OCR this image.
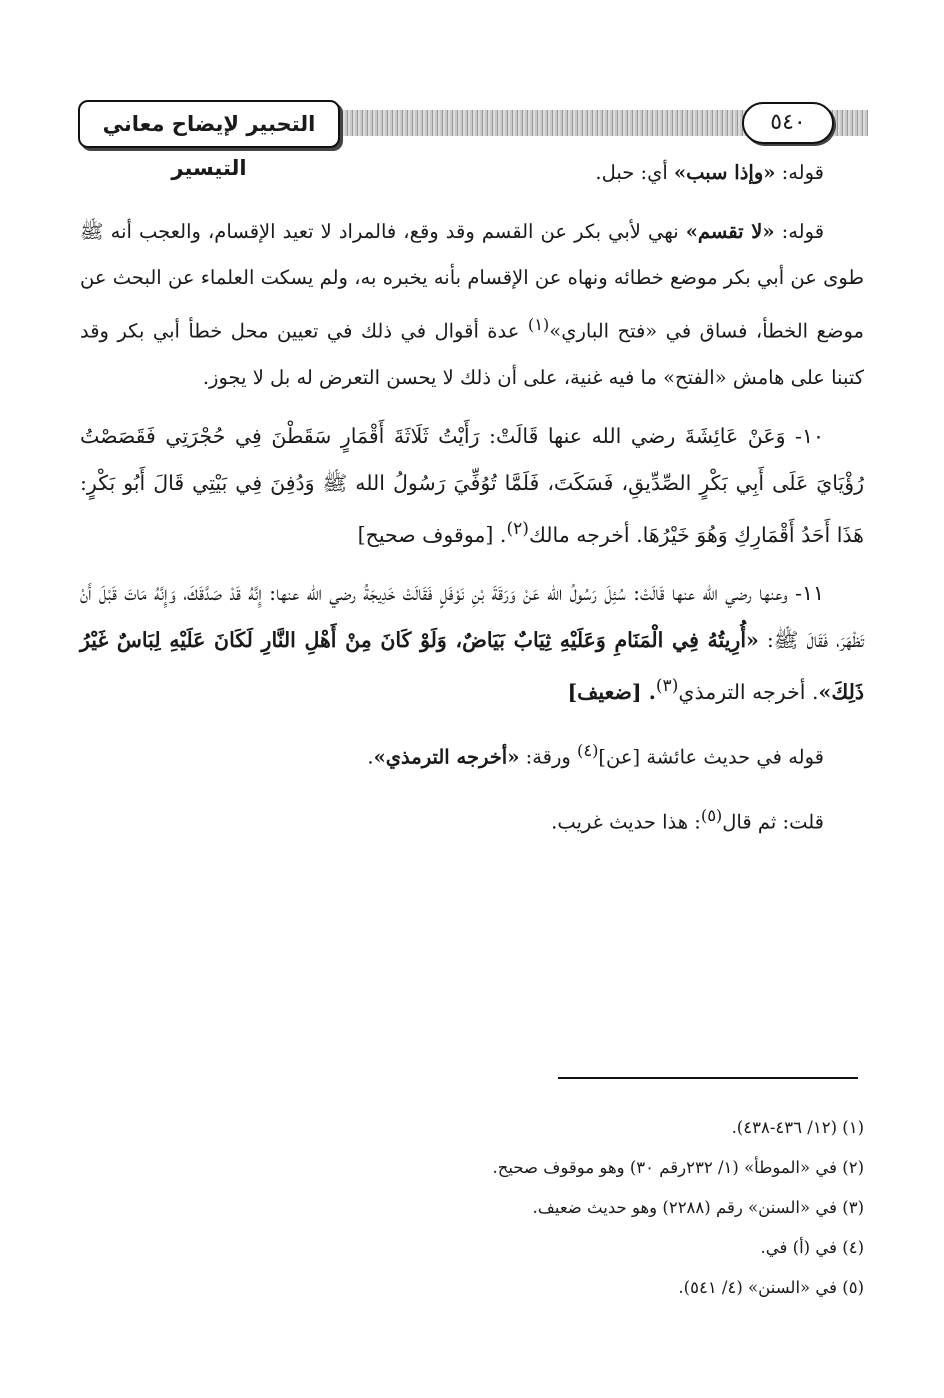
التحبير لإيضاح معاني التيسير
٥٤٠

قوله: «وإذا سبب» أي: حبل.

قوله: «لا تقسم» نهي لأبي بكر عن القسم وقد وقع، فالمراد لا تعيد الإقسام، والعجب أنه ﷺ طوى عن أبي بكر موضع خطائه ونهاه عن الإقسام بأنه يخبره به، ولم يسكت العلماء عن البحث عن موضع الخطأ، فساق في «فتح الباري»$^{(١)}$ عدة أقوال في ذلك في تعيين محل خطأ أبي بكر وقد كتبنا على هامش «الفتح» ما فيه غنية، على أن ذلك لا يحسن التعرض له بل لا يجوز.

١٠- وَعَنْ عَائِشَةَ رضي الله عنها قَالَتْ: رَأَيْتُ ثَلَاثَةَ أَقْمَارٍ سَقَطْنَ فِي حُجْرَتِي فَقَصَصْتُ رُؤْيَايَ عَلَى أَبِي بَكْرٍ الصِّدِّيقِ، فَسَكَتَ، فَلَمَّا تُوُفِّيَ رَسُولُ الله ﷺ وَدُفِنَ فِي بَيْتِي قَالَ أَبُو بَكْرٍ: هَذَا أَحَدُ أَقْمَارِكِ وَهُوَ خَيْرُهَا. أخرجه مالك$^{(٢)}$. [موقوف صحيح]

١١- وعنها رضي الله عنها قَالَتْ: سُئِلَ رَسُولُ الله عَنْ وَرَقَةَ بْنِ نَوْفَلٍ فَقَالَتْ خَدِيجَةُ رضي الله عنها: إِنَّهُ قَدْ صَدَّقَكَ، وَإِنَّهُ مَاتَ قَبْلَ أَنْ تَظْهَرَ، فَقَالَ ﷺ: «أُرِيتُهُ فِي الْمَنَامِ وَعَلَيْهِ ثِيَابٌ بَيَاضٌ، وَلَوْ كَانَ مِنْ أَهْلِ النَّارِ لَكَانَ عَلَيْهِ لِبَاسٌ غَيْرُ ذَلِكَ». أخرجه الترمذي$^{(٣)}$. [ضعيف]

قوله في حديث عائشة [عن]$^{(٤)}$ ورقة: «أخرجه الترمذي».

قلت: ثم قال$^{(٥)}$: هذا حديث غريب.

(١) (١٢/ ٤٣٦-٤٣٨).

(٢) في «الموطأ» (١/ ٢٣٢رقم ٣٠) وهو موقوف صحيح.

(٣) في «السنن» رقم (٢٢٨٨) وهو حديث ضعيف.

(٤) في (أ) في.

(٥) في «السنن» (٤/ ٥٤١).
